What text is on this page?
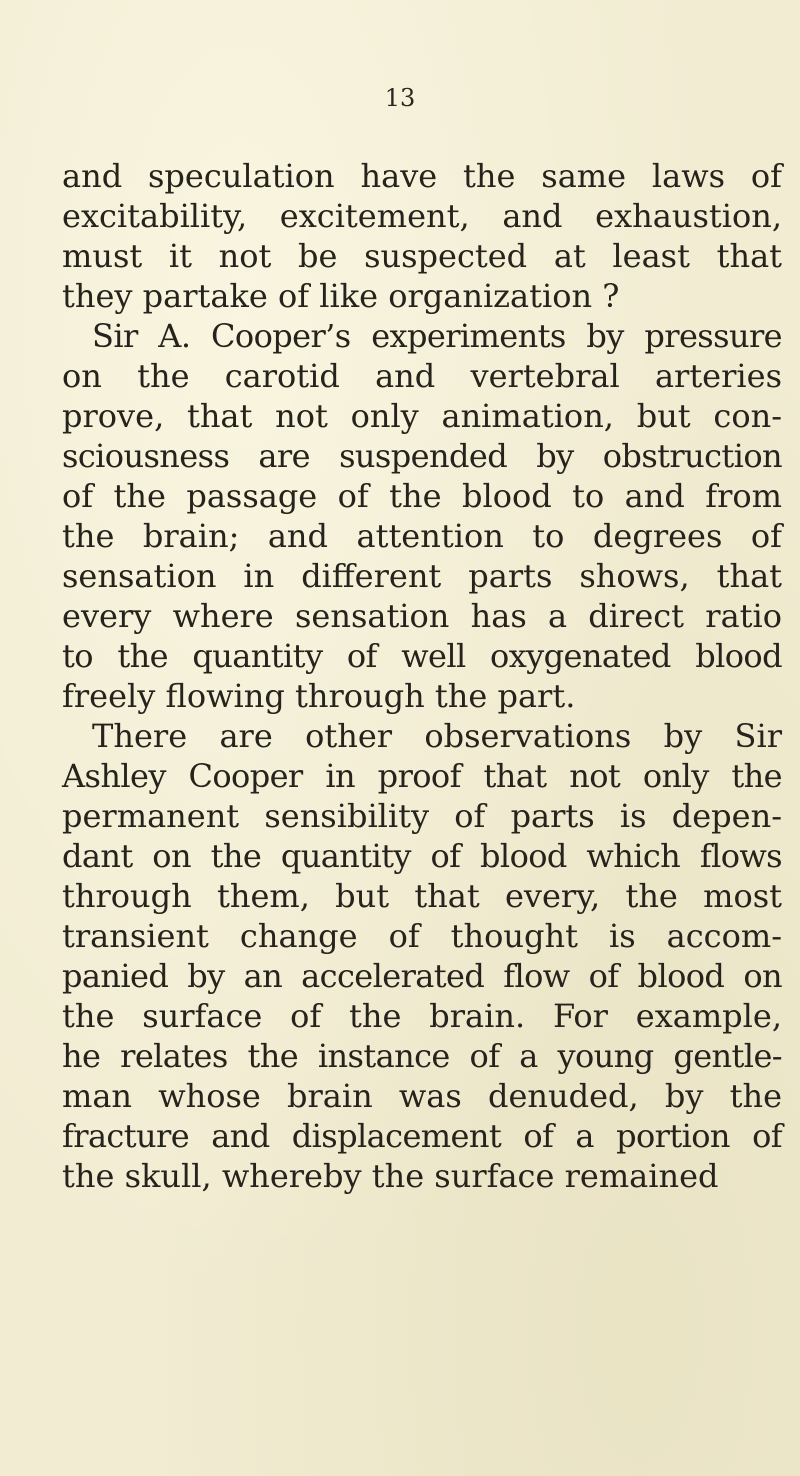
13

and speculation have the same laws of
excitability, excitement, and exhaustion,
must it not be suspected at least that
they partake of like organization ?
Sir A. Cooper’s experiments by pressure
on the carotid and vertebral arteries
prove, that not only animation, but con-
sciousness are suspended by obstruction
of the passage of the blood to and from
the brain; and attention to degrees of
sensation in different parts shows, that
every where sensation has a direct ratio
to the quantity of well oxygenated blood
freely flowing through the part.
There are other observations by Sir
Ashley Cooper in proof that not only the
permanent sensibility of parts is depen-
dant on the quantity of blood which flows
through them, but that every, the most
transient change of thought is accom-
panied by an accelerated flow of blood on
the surface of the brain. For example,
he relates the instance of a young gentle-
man whose brain was denuded, by the
fracture and displacement of a portion of
the skull, whereby the surface remained
